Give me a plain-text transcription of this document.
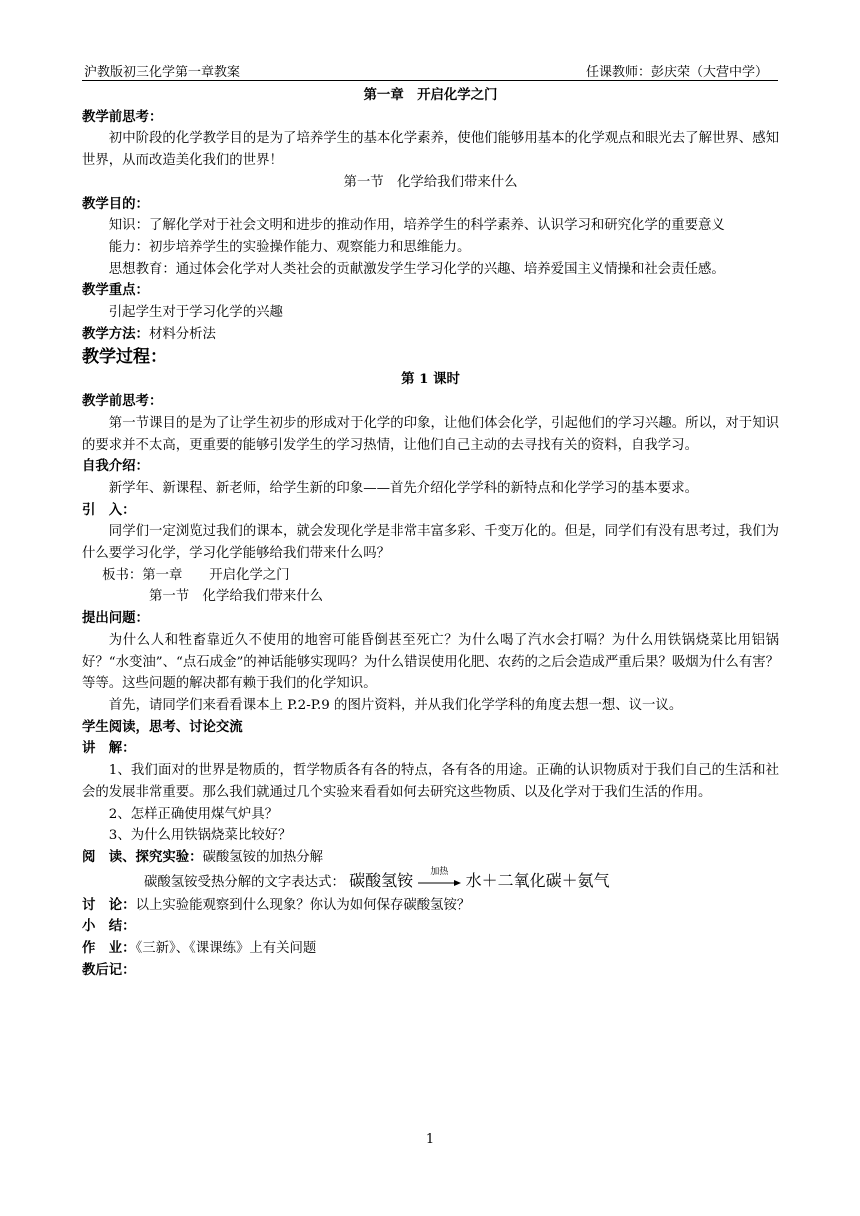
沪教版初三化学第一章教案	任课教师：彭庆荣（大营中学）

第一章　开启化学之门

教学前思考：

初中阶段的化学教学目的是为了培养学生的基本化学素养，使他们能够用基本的化学观点和眼光去了解世界、感知世界，从而改造美化我们的世界！

第一节　化学给我们带来什么

教学目的：

知识：了解化学对于社会文明和进步的推动作用，培养学生的科学素养、认识学习和研究化学的重要意义

能力：初步培养学生的实验操作能力、观察能力和思维能力。

思想教育：通过体会化学对人类社会的贡献激发学生学习化学的兴趣、培养爱国主义情操和社会责任感。

教学重点：

引起学生对于学习化学的兴趣

教学方法：材料分析法

教学过程：

第 1 课时

教学前思考：

第一节课目的是为了让学生初步的形成对于化学的印象，让他们体会化学，引起他们的学习兴趣。所以，对于知识的要求并不太高，更重要的能够引发学生的学习热情，让他们自己主动的去寻找有关的资料，自我学习。

自我介绍：

新学年、新课程、新老师，给学生新的印象——首先介绍化学学科的新特点和化学学习的基本要求。

引　入：

同学们一定浏览过我们的课本，就会发现化学是非常丰富多彩、千变万化的。但是，同学们有没有思考过，我们为什么要学习化学，学习化学能够给我们带来什么吗？

板书：第一章　　开启化学之门

第一节　化学给我们带来什么

提出问题：

为什么人和牲畜靠近久不使用的地窖可能昏倒甚至死亡？为什么喝了汽水会打嗝？为什么用铁锅烧菜比用铝锅好？“水变油”、“点石成金”的神话能够实现吗？为什么错误使用化肥、农药的之后会造成严重后果？吸烟为什么有害？等等。这些问题的解决都有赖于我们的化学知识。

首先，请同学们来看看课本上 P.2-P.9 的图片资料，并从我们化学学科的角度去想一想、议一议。

学生阅读，思考、讨论交流

讲　解：

1、我们面对的世界是物质的，哲学物质各有各的特点，各有各的用途。正确的认识物质对于我们自己的生活和社会的发展非常重要。那么我们就通过几个实验来看看如何去研究这些物质、以及化学对于我们生活的作用。

2、怎样正确使用煤气炉具？

3、为什么用铁锅烧菜比较好？

阅　读、探究实验：碳酸氢铵的加热分解

碳酸氢铵受热分解的文字表达式： 碳酸氢铵	加热	水＋二氧化碳＋氨气

讨　论：以上实验能观察到什么现象？你认为如何保存碳酸氢铵？

小　结：

作　业：《三新》、《课课练》上有关问题

教后记：

1
